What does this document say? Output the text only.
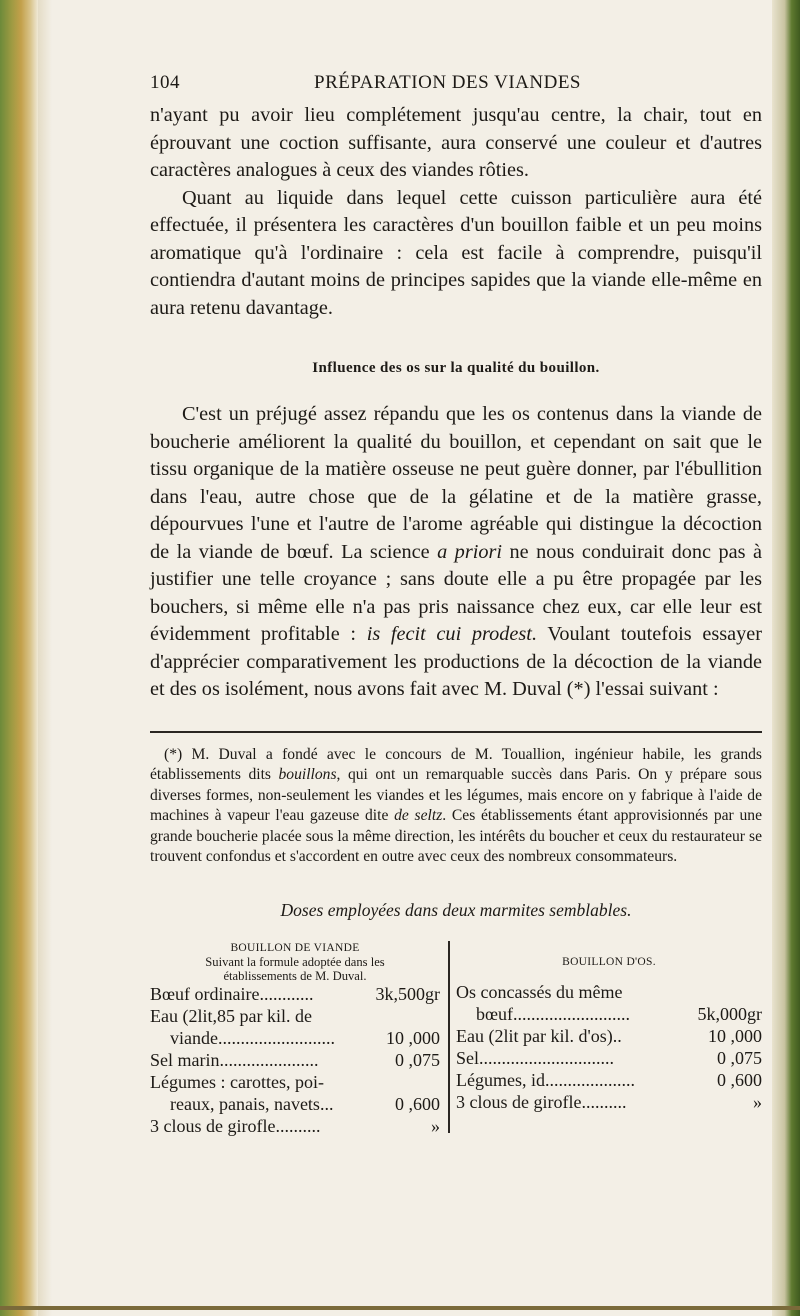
104	PRÉPARATION DES VIANDES

n'ayant pu avoir lieu complétement jusqu'au centre, la chair, tout en éprouvant une coction suffisante, aura conservé une couleur et d'autres caractères analogues à ceux des viandes rôties.

Quant au liquide dans lequel cette cuisson particulière aura été effectuée, il présentera les caractères d'un bouillon faible et un peu moins aromatique qu'à l'ordinaire : cela est facile à comprendre, puisqu'il contiendra d'autant moins de principes sapides que la viande elle-même en aura retenu davantage.

Influence des os sur la qualité du bouillon.

C'est un préjugé assez répandu que les os contenus dans la viande de boucherie améliorent la qualité du bouillon, et cependant on sait que le tissu organique de la matière osseuse ne peut guère donner, par l'ébullition dans l'eau, autre chose que de la gélatine et de la matière grasse, dépourvues l'une et l'autre de l'arome agréable qui distingue la décoction de la viande de bœuf. La science a priori ne nous conduirait donc pas à justifier une telle croyance ; sans doute elle a pu être propagée par les bouchers, si même elle n'a pas pris naissance chez eux, car elle leur est évidemment profitable : is fecit cui prodest. Voulant toutefois essayer d'apprécier comparativement les productions de la décoction de la viande et des os isolément, nous avons fait avec M. Duval (*) l'essai suivant :

(*) M. Duval a fondé avec le concours de M. Touallion, ingénieur habile, les grands établissements dits bouillons, qui ont un remarquable succès dans Paris. On y prépare sous diverses formes, non-seulement les viandes et les légumes, mais encore on y fabrique à l'aide de machines à vapeur l'eau gazeuse dite de seltz. Ces établissements étant approvisionnés par une grande boucherie placée sous la même direction, les intérêts du boucher et ceux du restaurateur se trouvent confondus et s'accordent en outre avec ceux des nombreux consommateurs.

Doses employées dans deux marmites semblables.
BOUILLON DE VIANDE
Suivant la formule adoptée dans les
établissements de M. Duval.
Bœuf ordinaire............	3k,500gr
Eau (2lit,85 par kil. de
viande..........................	10 ,000
Sel marin......................	0 ,075
Légumes : carottes, poi-
reaux, panais, navets...	0 ,600
3 clous de girofle..........	»
BOUILLON D'OS.
Os concassés du même
bœuf..........................	5k,000gr
Eau (2lit par kil. d'os)..	10 ,000
Sel..............................	0 ,075
Légumes, id....................	0 ,600
3 clous de girofle..........	»
